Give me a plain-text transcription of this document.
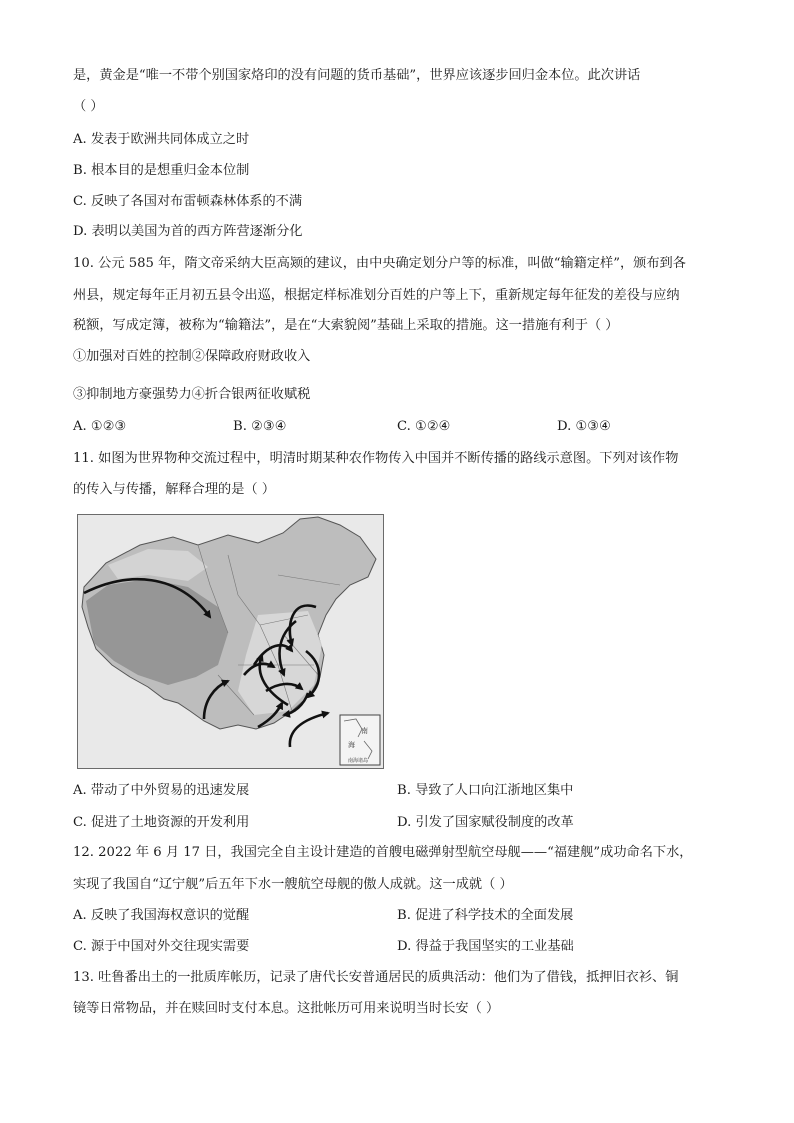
是，黄金是“唯一不带个别国家烙印的没有问题的货币基础”，世界应该逐步回归金本位。此次讲话
（ ）
A. 发表于欧洲共同体成立之时
B. 根本目的是想重归金本位制
C. 反映了各国对布雷顿森林体系的不满
D. 表明以美国为首的西方阵营逐渐分化
10. 公元 585 年，隋文帝采纳大臣高颎的建议，由中央确定划分户等的标准，叫做“输籍定样”，颁布到各
州县，规定每年正月初五县令出巡，根据定样标准划分百姓的户等上下，重新规定每年征发的差役与应纳
税额，写成定簿，被称为“输籍法”，是在“大索貌阅”基础上采取的措施。这一措施有利于（ ）
①加强对百姓的控制②保障政府财政收入
③抑制地方豪强势力④折合银两征收赋税
A. ①②③	B. ②③④	C. ①②④	D. ①③④
11. 如图为世界物种交流过程中，明清时期某种农作物传入中国并不断传播的路线示意图。下列对该作物
的传入与传播，解释合理的是（ ）
南
海
南海诸岛
A. 带动了中外贸易的迅速发展	B. 导致了人口向江浙地区集中
C. 促进了土地资源的开发利用	D. 引发了国家赋役制度的改革
12. 2022 年 6 月 17 日，我国完全自主设计建造的首艘电磁弹射型航空母舰——“福建舰”成功命名下水，
实现了我国自“辽宁舰”后五年下水一艘航空母舰的傲人成就。这一成就（ ）
A. 反映了我国海权意识的觉醒	B. 促进了科学技术的全面发展
C. 源于中国对外交往现实需要	D. 得益于我国坚实的工业基础
13. 吐鲁番出土的一批质库帐历，记录了唐代长安普通居民的质典活动：他们为了借钱，抵押旧衣衫、铜
镜等日常物品，并在赎回时支付本息。这批帐历可用来说明当时长安（ ）
